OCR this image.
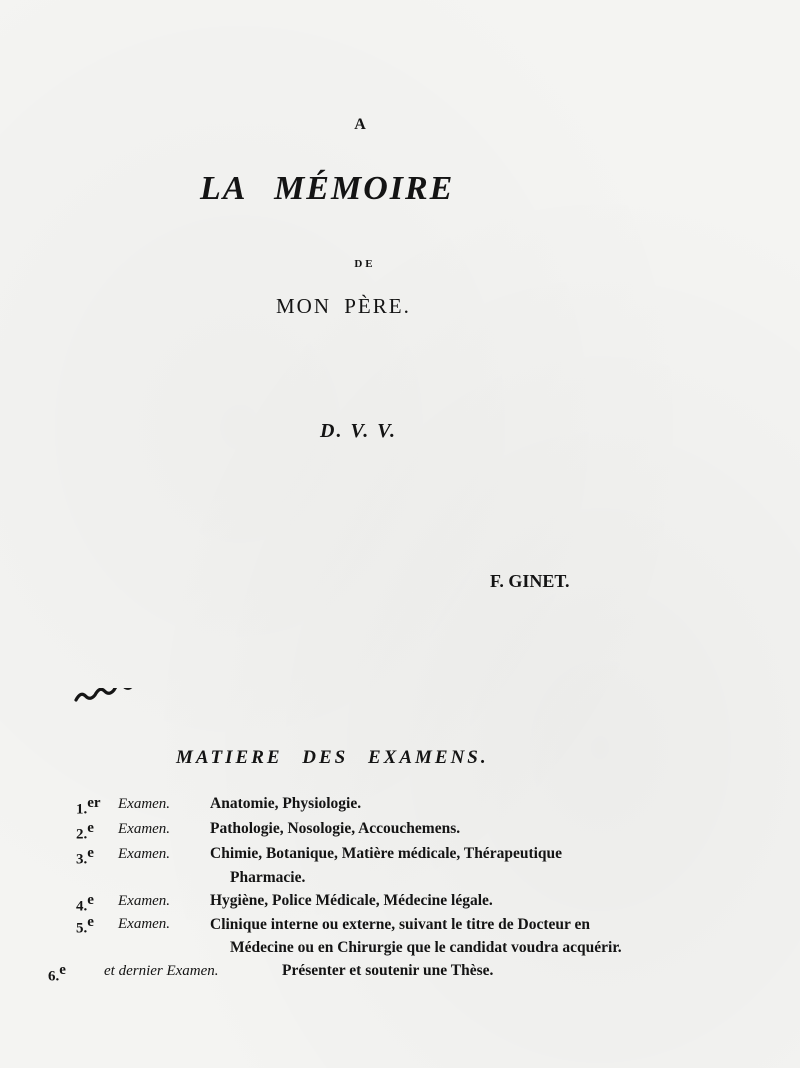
A
LA MÉMOIRE
DE
MON PÈRE.
D. V. V.
F. GINET.
MATIERE DES EXAMENS.
1.$^{er}$ Examen.	Anatomie, Physiologie.
2.$^e$ Examen.	Pathologie, Nosologie, Accouchemens.
3.$^e$ Examen.	Chimie, Botanique, Matière médicale, Thérapeutique
Pharmacie.
4.$^e$ Examen.	Hygiène, Police Médicale, Médecine légale.
5.$^e$ Examen.	Clinique interne ou externe, suivant le titre de Docteur en
Médecine ou en Chirurgie que le candidat voudra acquérir.
6.$^e$	et dernier Examen.	Présenter et soutenir une Thèse.
